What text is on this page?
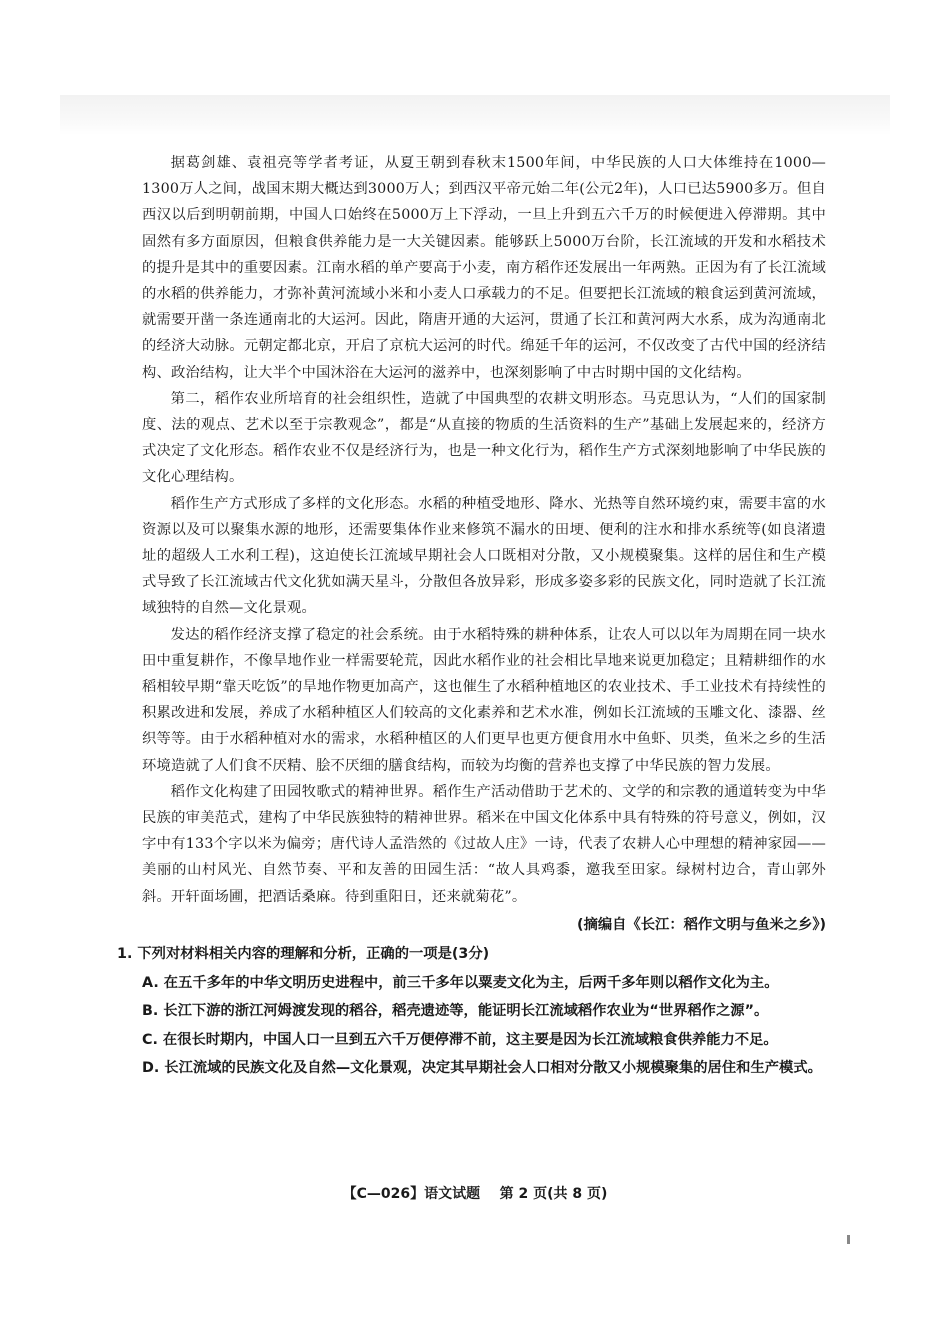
据葛剑雄、袁祖亮等学者考证，从夏王朝到春秋末1500年间，中华民族的人口大体维持在1000—1300万人之间，战国末期大概达到3000万人；到西汉平帝元始二年(公元2年)，人口已达5900多万。但自西汉以后到明朝前期，中国人口始终在5000万上下浮动，一旦上升到五六千万的时候便进入停滞期。其中固然有多方面原因，但粮食供养能力是一大关键因素。能够跃上5000万台阶，长江流域的开发和水稻技术的提升是其中的重要因素。江南水稻的单产要高于小麦，南方稻作还发展出一年两熟。正因为有了长江流域的水稻的供养能力，才弥补黄河流域小米和小麦人口承载力的不足。但要把长江流域的粮食运到黄河流域，就需要开凿一条连通南北的大运河。因此，隋唐开通的大运河，贯通了长江和黄河两大水系，成为沟通南北的经济大动脉。元朝定都北京，开启了京杭大运河的时代。绵延千年的运河，不仅改变了古代中国的经济结构、政治结构，让大半个中国沐浴在大运河的滋养中，也深刻影响了中古时期中国的文化结构。

第二，稻作农业所培育的社会组织性，造就了中国典型的农耕文明形态。马克思认为，“人们的国家制度、法的观点、艺术以至于宗教观念”，都是“从直接的物质的生活资料的生产”基础上发展起来的，经济方式决定了文化形态。稻作农业不仅是经济行为，也是一种文化行为，稻作生产方式深刻地影响了中华民族的文化心理结构。

稻作生产方式形成了多样的文化形态。水稻的种植受地形、降水、光热等自然环境约束，需要丰富的水资源以及可以聚集水源的地形，还需要集体作业来修筑不漏水的田埂、便利的注水和排水系统等(如良渚遗址的超级人工水利工程)，这迫使长江流域早期社会人口既相对分散，又小规模聚集。这样的居住和生产模式导致了长江流域古代文化犹如满天星斗，分散但各放异彩，形成多姿多彩的民族文化，同时造就了长江流域独特的自然—文化景观。

发达的稻作经济支撑了稳定的社会系统。由于水稻特殊的耕种体系，让农人可以以年为周期在同一块水田中重复耕作，不像旱地作业一样需要轮荒，因此水稻作业的社会相比旱地来说更加稳定；且精耕细作的水稻相较早期“靠天吃饭”的旱地作物更加高产，这也催生了水稻种植地区的农业技术、手工业技术有持续性的积累改进和发展，养成了水稻种植区人们较高的文化素养和艺术水准，例如长江流域的玉雕文化、漆器、丝织等等。由于水稻种植对水的需求，水稻种植区的人们更早也更方便食用水中鱼虾、贝类，鱼米之乡的生活环境造就了人们食不厌精、脍不厌细的膳食结构，而较为均衡的营养也支撑了中华民族的智力发展。

稻作文化构建了田园牧歌式的精神世界。稻作生产活动借助于艺术的、文学的和宗教的通道转变为中华民族的审美范式，建构了中华民族独特的精神世界。稻米在中国文化体系中具有特殊的符号意义，例如，汉字中有133个字以米为偏旁；唐代诗人孟浩然的《过故人庄》一诗，代表了农耕人心中理想的精神家园——美丽的山村风光、自然节奏、平和友善的田园生活：“故人具鸡黍，邀我至田家。绿树村边合，青山郭外斜。开轩面场圃，把酒话桑麻。待到重阳日，还来就菊花”。

(摘编自《长江：稻作文明与鱼米之乡》)

1. 下列对材料相关内容的理解和分析，正确的一项是(3分)

A. 在五千多年的中华文明历史进程中，前三千多年以粟麦文化为主，后两千多年则以稻作文化为主。

B. 长江下游的浙江河姆渡发现的稻谷，稻壳遗迹等，能证明长江流域稻作农业为“世界稻作之源”。

C. 在很长时期内，中国人口一旦到五六千万便停滞不前，这主要是因为长江流域粮食供养能力不足。

D. 长江流域的民族文化及自然—文化景观，决定其早期社会人口相对分散又小规模聚集的居住和生产模式。

【C—026】语文试题    第 2 页(共 8 页)
